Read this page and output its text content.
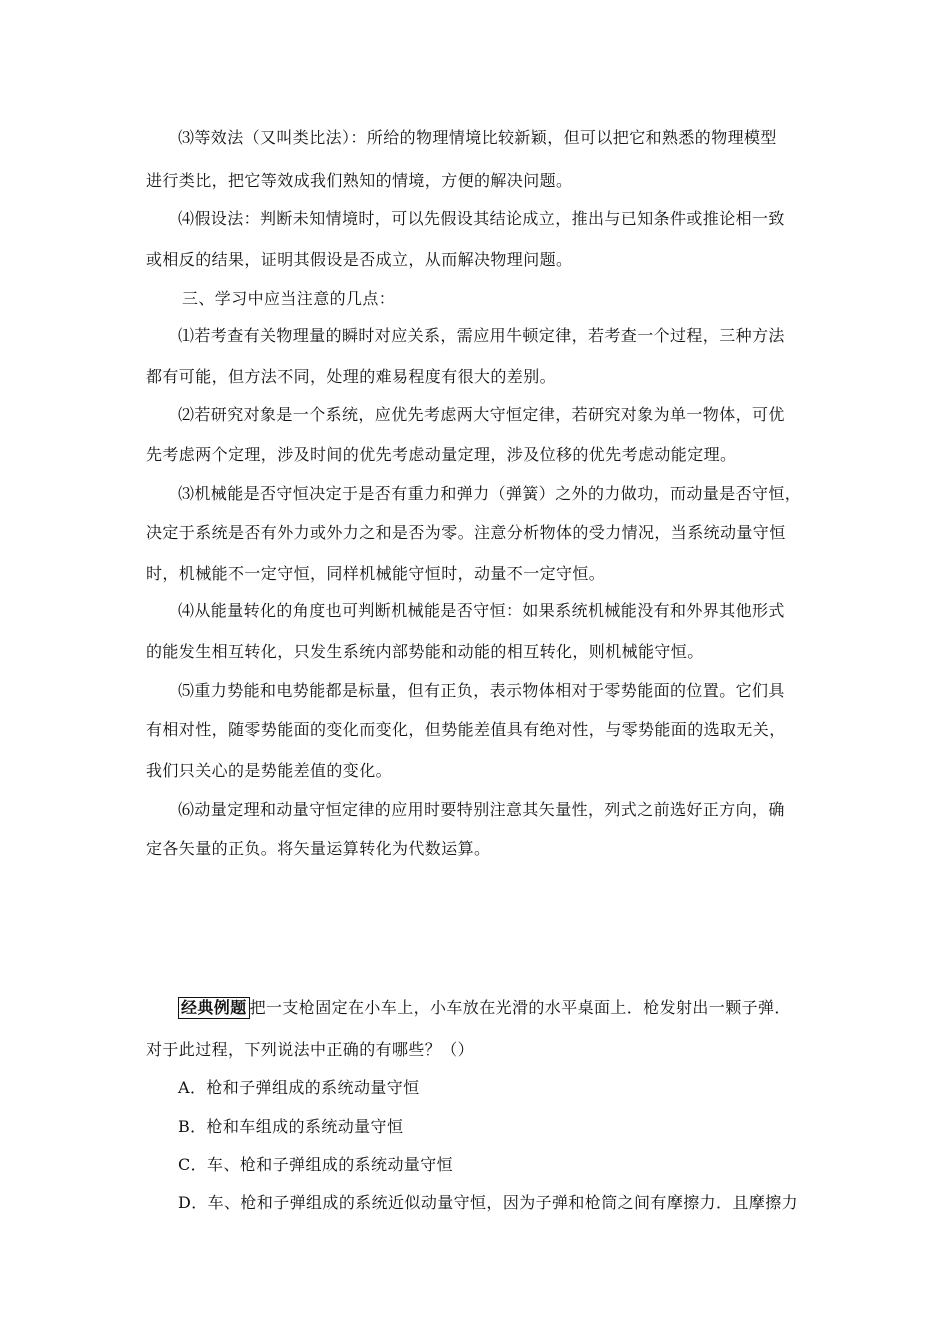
⑶等效法（又叫类比法）：所给的物理情境比较新颖，但可以把它和熟悉的物理模型
进行类比，把它等效成我们熟知的情境，方便的解决问题。
⑷假设法：判断未知情境时，可以先假设其结论成立，推出与已知条件或推论相一致
或相反的结果，证明其假设是否成立，从而解决物理问题。
三、学习中应当注意的几点：
⑴若考查有关物理量的瞬时对应关系，需应用牛顿定律，若考查一个过程，三种方法
都有可能，但方法不同，处理的难易程度有很大的差别。
⑵若研究对象是一个系统，应优先考虑两大守恒定律，若研究对象为单一物体，可优
先考虑两个定理，涉及时间的优先考虑动量定理，涉及位移的优先考虑动能定理。
⑶机械能是否守恒决定于是否有重力和弹力（弹簧）之外的力做功，而动量是否守恒，
决定于系统是否有外力或外力之和是否为零。注意分析物体的受力情况，当系统动量守恒
时，机械能不一定守恒，同样机械能守恒时，动量不一定守恒。
⑷从能量转化的角度也可判断机械能是否守恒：如果系统机械能没有和外界其他形式
的能发生相互转化，只发生系统内部势能和动能的相互转化，则机械能守恒。
⑸重力势能和电势能都是标量，但有正负，表示物体相对于零势能面的位置。它们具
有相对性，随零势能面的变化而变化，但势能差值具有绝对性，与零势能面的选取无关，
我们只关心的是势能差值的变化。
⑹动量定理和动量守恒定律的应用时要特别注意其矢量性，列式之前选好正方向，确
定各矢量的正负。将矢量运算转化为代数运算。
经典例题 把一支枪固定在小车上，小车放在光滑的水平桌面上．枪发射出一颗子弹．
对于此过程，下列说法中正确的有哪些？（）
A．枪和子弹组成的系统动量守恒
B．枪和车组成的系统动量守恒
C．车、枪和子弹组成的系统动量守恒
D．车、枪和子弹组成的系统近似动量守恒，因为子弹和枪筒之间有摩擦力．且摩擦力
